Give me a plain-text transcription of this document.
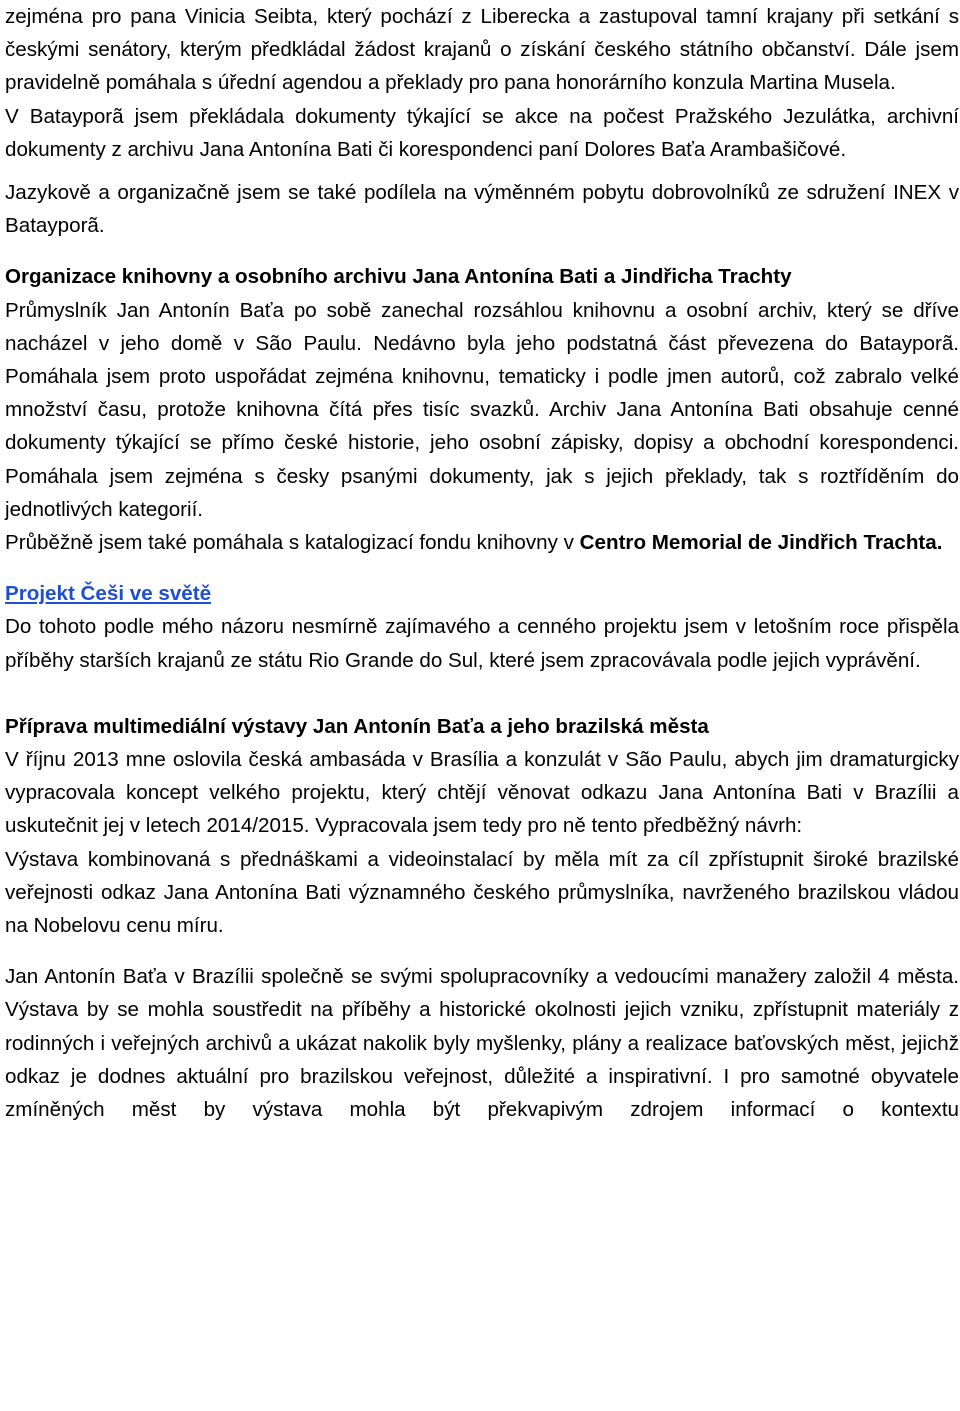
zejména pro pana Vinicia Seibta, který pochází z Liberecka a zastupoval tamní krajany při setkání s českými senátory, kterým předkládal žádost krajanů o získání českého státního občanství. Dále jsem pravidelně pomáhala s úřední agendou a překlady pro pana honorárního konzula Martina Musela.

V Batayporã jsem překládala dokumenty týkající se akce na počest Pražského Jezulátka, archivní dokumenty z archivu Jana Antonína Bati či korespondenci paní Dolores Baťa Arambašičové.

Jazykově a organizačně jsem se také podílela na výměnném pobytu dobrovolníků ze sdružení INEX v Batayporã.

Organizace knihovny a osobního archivu Jana Antonína Bati a Jindřicha Trachty

Průmyslník Jan Antonín Baťa po sobě zanechal rozsáhlou knihovnu a osobní archiv, který se dříve nacházel v jeho domě v São Paulu. Nedávno byla jeho podstatná část převezena do Batayporã. Pomáhala jsem proto uspořádat zejména knihovnu, tematicky i podle jmen autorů, což zabralo velké množství času, protože knihovna čítá přes tisíc svazků. Archiv Jana Antonína Bati obsahuje cenné dokumenty týkající se přímo české historie, jeho osobní zápisky, dopisy a obchodní korespondenci. Pomáhala jsem zejména s česky psanými dokumenty, jak s jejich překlady, tak s roztříděním do jednotlivých kategorií.

Průběžně jsem také pomáhala s katalogizací fondu knihovny v Centro Memorial de Jindřich Trachta.

Projekt Češi ve světě

Do tohoto podle mého názoru nesmírně zajímavého a cenného projektu jsem v letošním roce přispěla příběhy starších krajanů ze státu Rio Grande do Sul, které jsem zpracovávala podle jejich vyprávění.

Příprava multimediální výstavy Jan Antonín Baťa a jeho brazilská města

V říjnu 2013 mne oslovila česká ambasáda v Brasília a konzulát v São Paulu, abych jim dramaturgicky vypracovala koncept velkého projektu, který chtějí věnovat odkazu Jana Antonína Bati v Brazílii a uskutečnit jej v letech 2014/2015. Vypracovala jsem tedy pro ně tento předběžný návrh:

Výstava kombinovaná s přednáškami a videoinstalací by měla mít za cíl zpřístupnit široké brazilské veřejnosti odkaz Jana Antonína Bati významného českého průmyslníka, navrženého brazilskou vládou na Nobelovu cenu míru.

Jan Antonín Baťa v Brazílii společně se svými spolupracovníky a vedoucími manažery založil 4 města. Výstava by se mohla soustředit na příběhy a historické okolnosti jejich vzniku, zpřístupnit materiály z rodinných i veřejných archivů a ukázat nakolik byly myšlenky, plány a realizace baťovských měst, jejichž odkaz je dodnes aktuální pro brazilskou veřejnost, důležité a inspirativní. I pro samotné obyvatele zmíněných měst by výstava mohla být překvapivým zdrojem informací o kontextu
